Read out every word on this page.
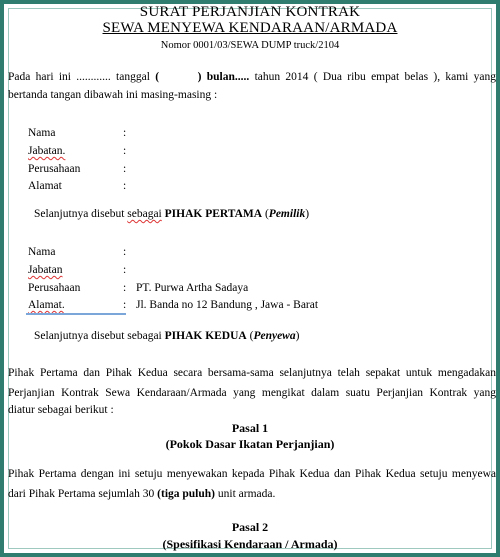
SURAT PERJANJIAN KONTRAK
SEWA MENYEWA KENDARAAN/ARMADA
Nomor 0001/03/SEWA DUMP truck/2104
Pada hari ini ............ tanggal (	) bulan..... tahun 2014 ( Dua ribu empat belas ), kami yang
bertanda tangan dibawah ini masing-masing :
Nama	:
Jabatan.	:
Perusahaan	:
Alamat	:
Selanjutnya disebut sebagai PIHAK PERTAMA (Pemilik)
Nama	:
Jabatan	:
Perusahaan	: PT. Purwa Artha Sadaya
Alamat.	: Jl. Banda no 12 Bandung , Jawa - Barat
Selanjutnya disebut sebagai PIHAK KEDUA (Penyewa)
Pihak Pertama dan Pihak Kedua secara bersama-sama selanjutnya telah sepakat untuk mengadakan
Perjanjian Kontrak Sewa Kendaraan/Armada yang mengikat dalam suatu Perjanjian Kontrak yang
diatur sebagai berikut :
Pasal 1
(Pokok Dasar Ikatan Perjanjian)
Pihak Pertama dengan ini setuju menyewakan kepada Pihak Kedua dan Pihak Kedua setuju menyewa
dari Pihak Pertama sejumlah 30 (tiga puluh) unit armada.
Pasal 2
(Spesifikasi Kendaraan / Armada)
